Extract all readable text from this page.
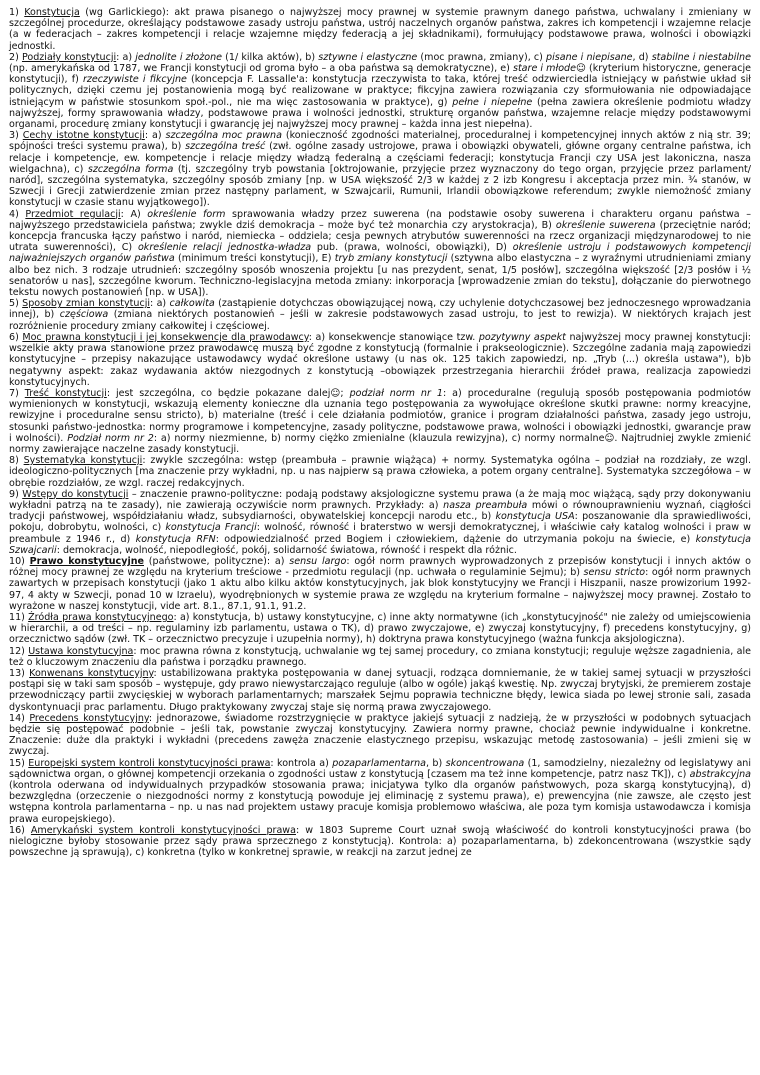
1) Konstytucja (wg Garlickiego): akt prawa pisanego o najwyższej mocy prawnej w systemie prawnym danego państwa, uchwalany i zmieniany w szczególnej procedurze, określający podstawowe zasady ustroju państwa, ustrój naczelnych organów państwa, zakres ich kompetencji i wzajemne relacje (a w federacjach – zakres kompetencji i relacje wzajemne między federacją a jej składnikami), formułujący podstawowe prawa, wolności i obowiązki jednostki.

2) Podziały konstytucji: a) jednolite i złożone (1/ kilka aktów), b) sztywne i elastyczne (moc prawna, zmiany), c) pisane i niepisane, d) stabilne i niestabilne (np. amerykańska od 1787, we Francji konstytucji od groma było – a oba państwa są demokratyczne), e) stare i młode☺ (kryterium historyczne, generacje konstytucji), f) rzeczywiste i fikcyjne (koncepcja F. Lassalle'a: konstytucja rzeczywista to taka, której treść odzwierciedla istniejący w państwie układ sił politycznych, dzięki czemu jej postanowienia mogą być realizowane w praktyce; fikcyjna zawiera rozwiązania czy sformułowania nie odpowiadające istniejącym w państwie stosunkom społ.-pol., nie ma więc zastosowania w praktyce), g) pełne i niepełne (pełna zawiera określenie podmiotu władzy najwyższej, formy sprawowania władzy, podstawowe prawa i wolności jednostki, strukturę organów państwa, wzajemne relacje między podstawowymi organami, procedurę zmiany konstytucji i gwarancję jej najwyższej mocy prawnej – każda inna jest niepełna).

3) Cechy istotne konstytucji: a) szczególna moc prawna (konieczność zgodności materialnej, proceduralnej i kompetencyjnej innych aktów z nią str. 39; spójności treści systemu prawa), b) szczególna treść (zwł. ogólne zasady ustrojowe, prawa i obowiązki obywateli, główne organy centralne państwa, ich relacje i kompetencje, ew. kompetencje i relacje między władzą federalną a częściami federacji; konstytucja Francji czy USA jest lakoniczna, nasza wielgachna), c) szczególna forma (tj. szczególny tryb powstania [oktrojowanie, przyjęcie przez wyznaczony do tego organ, przyjęcie przez parlament/ naród], szczególna systematyka, szczególny sposób zmiany [np. w USA większość 2/3 w każdej z 2 izb Kongresu i akceptacja przez min. ¾ stanów, w Szwecji i Grecji zatwierdzenie zmian przez następny parlament, w Szwajcarii, Rumunii, Irlandii obowiązkowe referendum; zwykle niemożność zmiany konstytucji w czasie stanu wyjątkowego]).

4) Przedmiot regulacji: A) określenie form sprawowania władzy przez suwerena (na podstawie osoby suwerena i charakteru organu państwa – najwyższego przedstawiciela państwa; zwykle dziś demokracja – może być też monarchia czy arystokracja), B) określenie suwerena (przeciętnie naród; koncepcja francuska łączy państwo i naród, niemiecka – oddziela; cesja pewnych atrybutów suwerenności na rzecz organizacji międzynarodowej to nie utrata suwerenności), C) określenie relacji jednostka-władza pub. (prawa, wolności, obowiązki), D) określenie ustroju i podstawowych kompetencji najważniejszych organów państwa (minimum treści konstytucji), E) tryb zmiany konstytucji (sztywna albo elastyczna – z wyraźnymi utrudnieniami zmiany albo bez nich. 3 rodzaje utrudnień: szczególny sposób wnoszenia projektu [u nas prezydent, senat, 1/5 posłów], szczególna większość [2/3 posłów i ½ senatorów u nas], szczególne kworum. Techniczno-legislacyjna metoda zmiany: inkorporacja [wprowadzenie zmian do tekstu], dołączanie do pierwotnego tekstu nowych postanowień [np. w USA]).

5) Sposoby zmian konstytucji: a) całkowita (zastąpienie dotychczas obowiązującej nową, czy uchylenie dotychczasowej bez jednoczesnego wprowadzania innej), b) częściowa (zmiana niektórych postanowień – jeśli w zakresie podstawowych zasad ustroju, to jest to rewizja). W niektórych krajach jest rozróżnienie procedury zmiany całkowitej i częściowej.

6) Moc prawna konstytucji i jej konsekwencje dla prawodawcy: a) konsekwencje stanowiące tzw. pozytywny aspekt najwyższej mocy prawnej konstytucji: wszelkie akty prawa stanowione przez prawodawcę muszą być zgodne z konstytucją (formalnie i prakseologicznie). Szczególne zadania mają zapowiedzi konstytucyjne – przepisy nakazujące ustawodawcy wydać określone ustawy (u nas ok. 125 takich zapowiedzi, np. „Tryb (...) określa ustawa"), b)b negatywny aspekt: zakaz wydawania aktów niezgodnych z konstytucją –obowiązek przestrzegania hierarchii źródeł prawa, realizacja zapowiedzi konstytucyjnych.

7) Treść konstytucji: jest szczególna, co będzie pokazane dalej☺; podział norm nr 1: a) proceduralne (regulują sposób postępowania podmiotów wymienionych w konstytucji, wskazują elementy konieczne dla uznania tego postępowania za wywołujące określone skutki prawne: normy kreacyjne, rewizyjne i proceduralne sensu stricto), b) materialne (treść i cele działania podmiotów, granice i program działalności państwa, zasady jego ustroju, stosunki państwo-jednostka: normy programowe i kompetencyjne, zasady polityczne, podstawowe prawa, wolności i obowiązki jednostki, gwarancje praw i wolności). Podział norm nr 2: a) normy niezmienne, b) normy ciężko zmienialne (klauzula rewizyjna), c) normy normalne☺. Najtrudniej zwykle zmienić normy zawierające naczelne zasady konstytucji.

8) Systematyka konstytucji: zwykle szczególna: wstęp (preambuła – prawnie wiążąca) + normy. Systematyka ogólna – podział na rozdziały, ze wzgl. ideologiczno-politycznych [ma znaczenie przy wykładni, np. u nas najpierw są prawa człowieka, a potem organy centralne]. Systematyka szczegółowa – w obrębie rozdziałów, ze wzgl. raczej redakcyjnych.

9) Wstępy do konstytucji – znaczenie prawno-polityczne: podają podstawy aksjologiczne systemu prawa (a że mają moc wiążącą, sądy przy dokonywaniu wykładni patrzą na te zasady), nie zawierają oczywiście norm prawnych. Przykłady: a) nasza preambuła mówi o równouprawnieniu wyznań, ciągłości tradycji państwowej, współdziałaniu władz, subsydiarności, obywatelskiej koncepcji narodu etc., b) konstytucja USA: poszanowanie dla sprawiedliwości, pokoju, dobrobytu, wolności, c) konstytucja Francji: wolność, równość i braterstwo w wersji demokratycznej, i właściwie cały katalog wolności i praw w preambule z 1946 r., d) konstytucja RFN: odpowiedzialność przed Bogiem i człowiekiem, dążenie do utrzymania pokoju na świecie, e) konstytucja Szwajcarii: demokracja, wolność, niepodległość, pokój, solidarność światowa, równość i respekt dla różnic.

10) Prawo konstytucyjne (państwowe, polityczne): a) sensu largo: ogół norm prawnych wyprowadzonych z przepisów konstytucji i innych aktów o różnej mocy prawnej ze względu na kryterium treściowe - przedmiotu regulacji (np. uchwała o regulaminie Sejmu); b) sensu stricto: ogół norm prawnych zawartych w przepisach konstytucji (jako 1 aktu albo kilku aktów konstytucyjnych, jak blok konstytucyjny we Francji i Hiszpanii, nasze prowizorium 1992-97, 4 akty w Szwecji, ponad 10 w Izraelu), wyodrębnionych w systemie prawa ze względu na kryterium formalne – najwyższej mocy prawnej. Zostało to wyrażone w naszej konstytucji, vide art. 8.1., 87.1, 91.1, 91.2.

11) Źródła prawa konstytucyjnego: a) konstytucja, b) ustawy konstytucyjne, c) inne akty normatywne (ich „konstytucyjność" nie zależy od umiejscowienia w hierarchii, a od treści – np. regulaminy izb parlamentu, ustawa o TK), d) prawo zwyczajowe, e) zwyczaj konstytucyjny, f) precedens konstytucyjny, g) orzecznictwo sądów (zwł. TK – orzecznictwo precyzuje i uzupełnia normy), h) doktryna prawa konstytucyjnego (ważna funkcja aksjologiczna).

12) Ustawa konstytucyjna: moc prawna równa z konstytucją, uchwalanie wg tej samej procedury, co zmiana konstytucji; reguluje węższe zagadnienia, ale też o kluczowym znaczeniu dla państwa i porządku prawnego.

13) Konwenans konstytucyjny: ustabilizowana praktyka postępowania w danej sytuacji, rodząca domniemanie, że w takiej samej sytuacji w przyszłości postąpi się w taki sam sposób – występuje, gdy prawo niewystarczająco reguluje (albo w ogóle) jakąś kwestię. Np. zwyczaj brytyjski, że premierem zostaje przewodniczący partii zwycięskiej w wyborach parlamentarnych; marszałek Sejmu poprawia techniczne błędy, lewica siada po lewej stronie sali, zasada dyskontynuacji prac parlamentu. Długo praktykowany zwyczaj staje się normą prawa zwyczajowego.

14) Precedens konstytucyjny: jednorazowe, świadome rozstrzygnięcie w praktyce jakiejś sytuacji z nadzieją, że w przyszłości w podobnych sytuacjach będzie się postępować podobnie – jeśli tak, powstanie zwyczaj konstytucyjny. Zawiera normy prawne, chociaż pewnie indywidualne i konkretne. Znaczenie: duże dla praktyki i wykładni (precedens zawęża znaczenie elastycznego przepisu, wskazując metodę zastosowania) – jeśli zmieni się w zwyczaj.

15) Europejski system kontroli konstytucyjności prawa: kontrola a) pozaparlamentarna, b) skoncentrowana (1, samodzielny, niezależny od legislatywy ani sądownictwa organ, o głównej kompetencji orzekania o zgodności ustaw z konstytucją [czasem ma też inne kompetencje, patrz nasz TK]), c) abstrakcyjna (kontrola oderwana od indywidualnych przypadków stosowania prawa; inicjatywa tylko dla organów państwowych, poza skargą konstytucyjną), d) bezwzględna (orzeczenie o niezgodności normy z konstytucją powoduje jej eliminację z systemu prawa), e) prewencyjna (nie zawsze, ale często jest wstępna kontrola parlamentarna – np. u nas nad projektem ustawy pracuje komisja problemowo właściwa, ale poza tym komisja ustawodawcza i komisja prawa europejskiego).

16) Amerykański system kontroli konstytucyjności prawa: w 1803 Supreme Court uznał swoją właściwość do kontroli konstytucyjności prawa (bo nielogiczne byłoby stosowanie przez sądy prawa sprzecznego z konstytucją). Kontrola: a) pozaparlamentarna, b) zdekoncentrowana (wszystkie sądy powszechne ją sprawują), c) konkretna (tylko w konkretnej sprawie, w reakcji na zarzut jednej ze
